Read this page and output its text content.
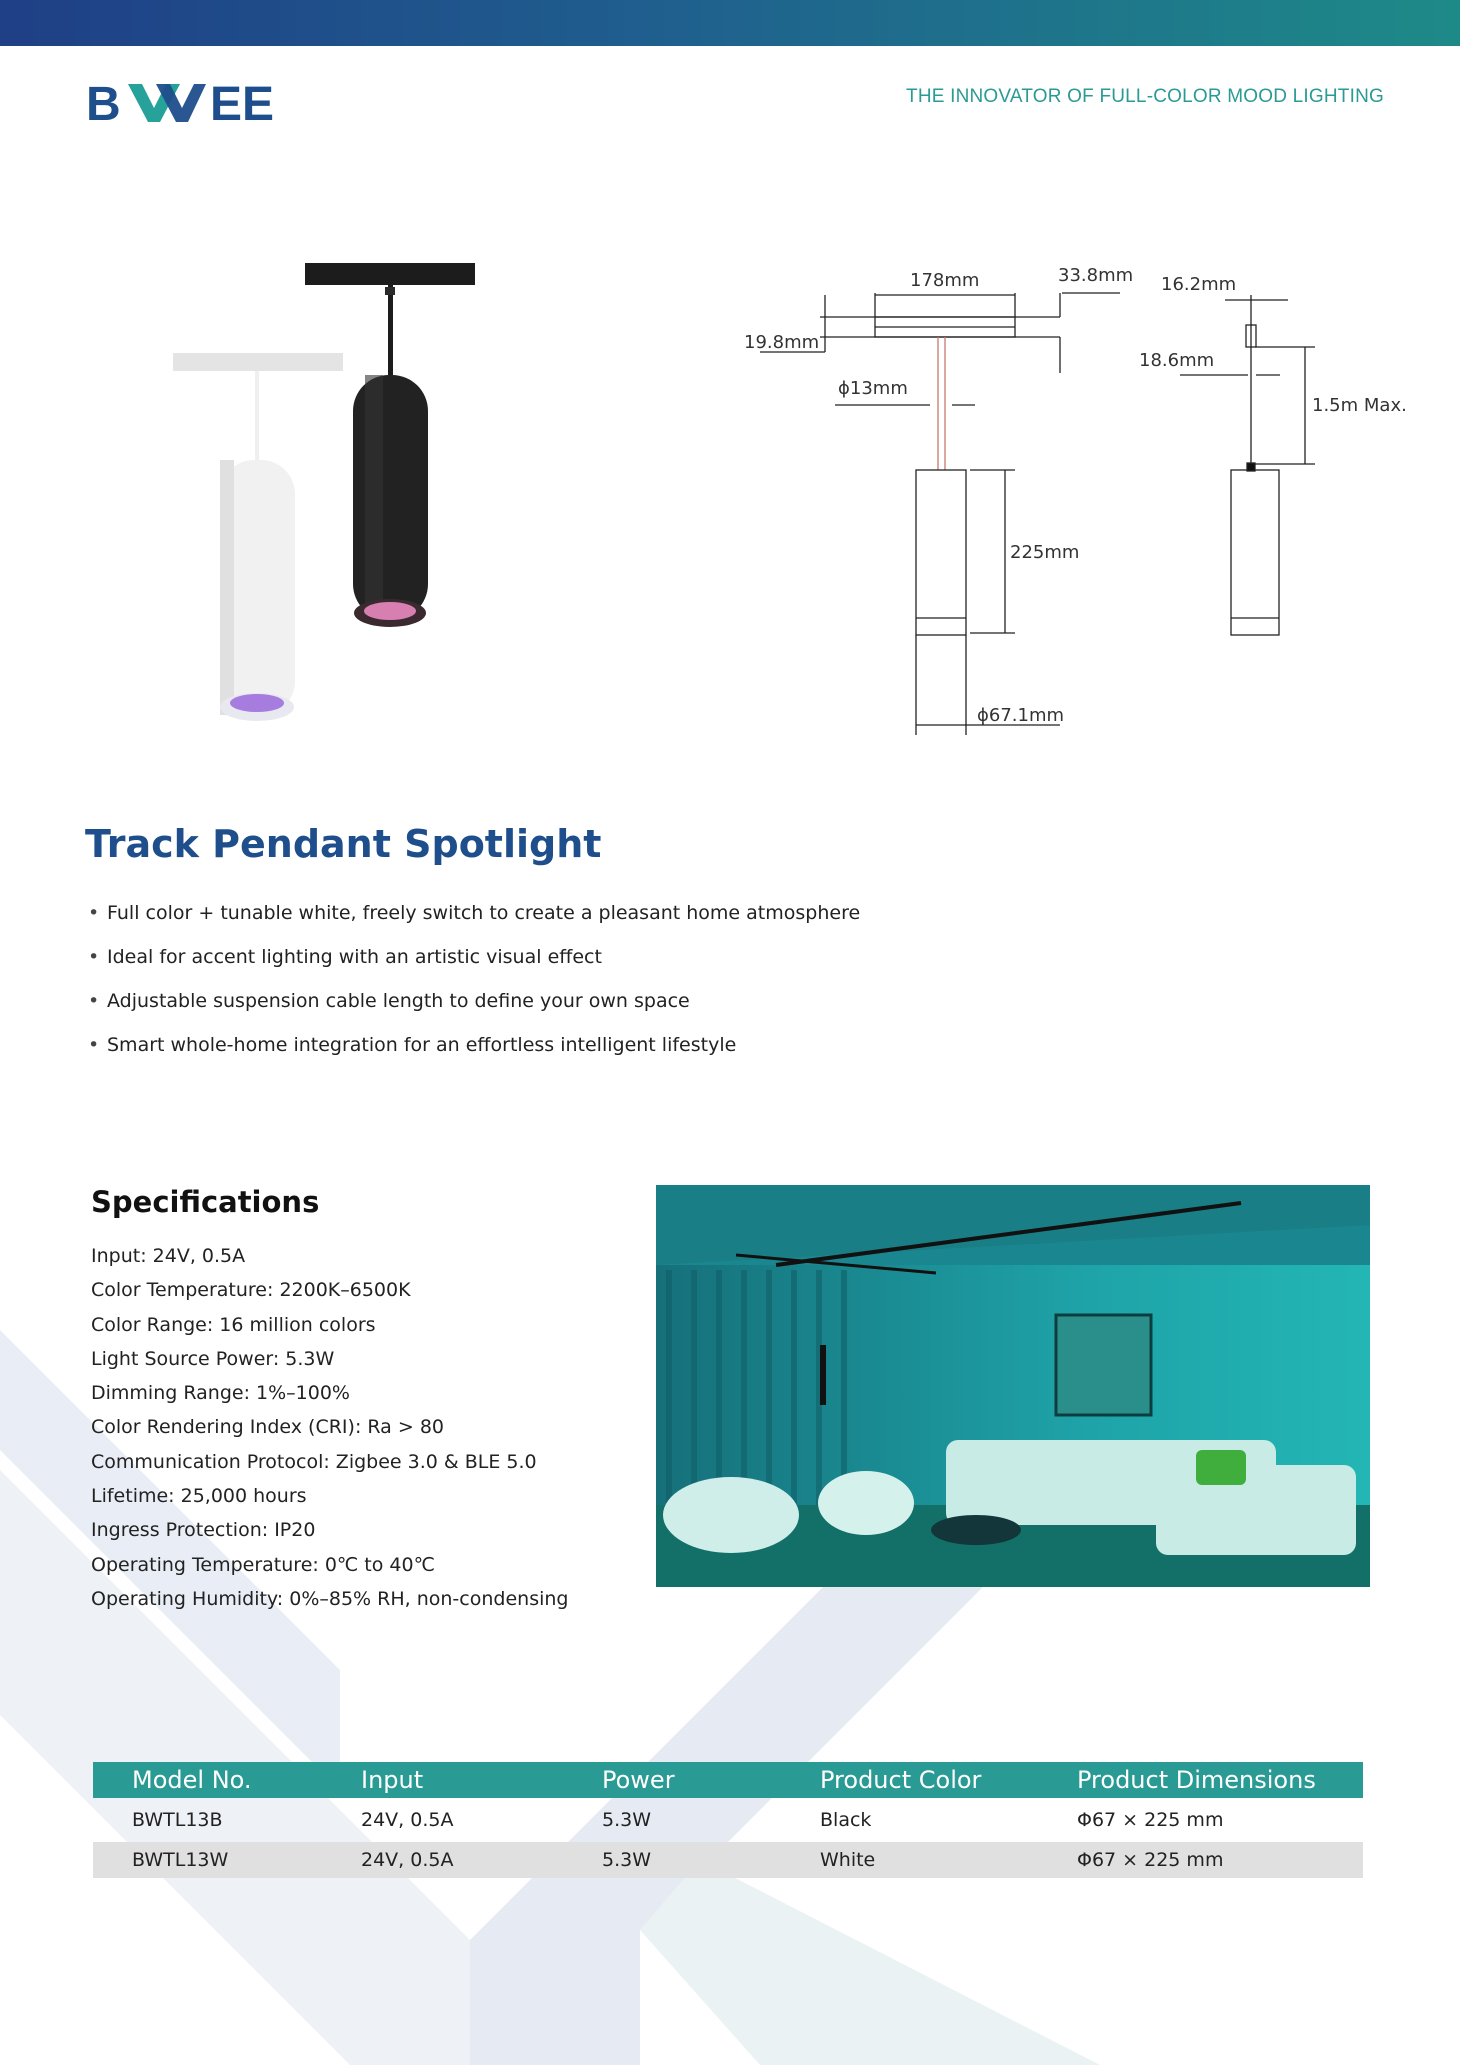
B EE	THE INNOVATOR OF FULL-COLOR MOOD LIGHTING
178mm	33.8mm
19.8mm
ϕ13mm
225mm
ϕ67.1mm
16.2mm
18.6mm
1.5m Max.
Track Pendant Spotlight
• Full color + tunable white, freely switch to create a pleasant home atmosphere
• Ideal for accent lighting with an artistic visual effect
• Adjustable suspension cable length to define your own space
• Smart whole-home integration for an effortless intelligent lifestyle
Specifications
Input: 24V, 0.5A
Color Temperature: 2200K–6500K
Color Range: 16 million colors
Light Source Power: 5.3W
Dimming Range: 1%–100%
Color Rendering Index (CRI): Ra > 80
Communication Protocol: Zigbee 3.0 & BLE 5.0
Lifetime: 25,000 hours
Ingress Protection: IP20
Operating Temperature: 0℃ to 40℃
Operating Humidity: 0%–85% RH, non-condensing
Model No.	Input	Power	Product Color	Product Dimensions
BWTL13B	24V, 0.5A	5.3W	Black	Φ67 × 225 mm
BWTL13W	24V, 0.5A	5.3W	White	Φ67 × 225 mm
